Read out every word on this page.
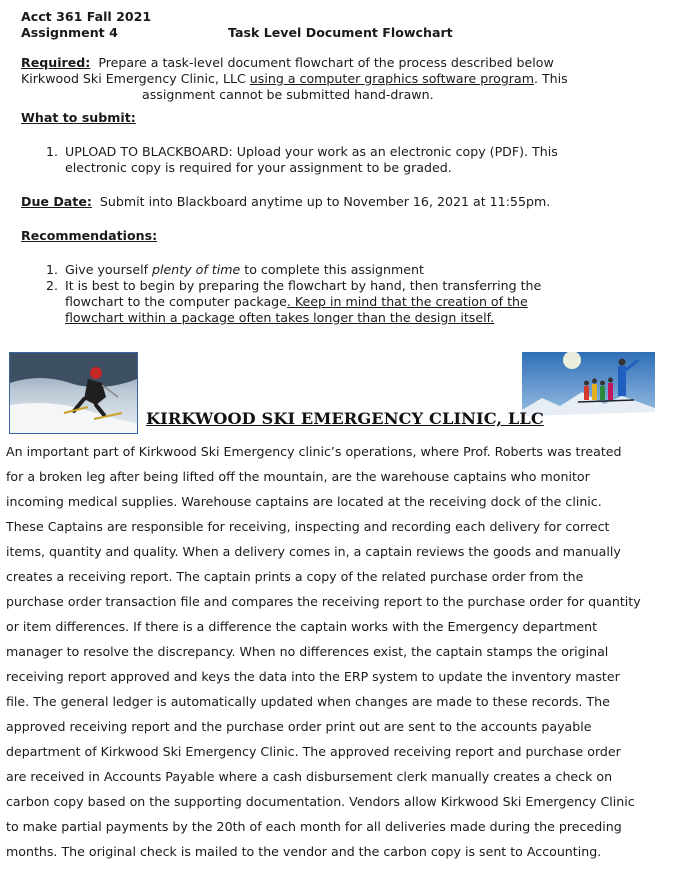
Acct 361 Fall 2021
Assignment 4	Task Level Document Flowchart
Required: Prepare a task-level document flowchart of the process described below
Kirkwood Ski Emergency Clinic, LLC using a computer graphics software program. This
assignment cannot be submitted hand-drawn.
What to submit:
1. UPLOAD TO BLACKBOARD: Upload your work as an electronic copy (PDF). This
electronic copy is required for your assignment to be graded.
Due Date: Submit into Blackboard anytime up to November 16, 2021 at 11:55pm.
Recommendations:
1. Give yourself plenty of time to complete this assignment
2. It is best to begin by preparing the flowchart by hand, then transferring the
flowchart to the computer package. Keep in mind that the creation of the
flowchart within a package often takes longer than the design itself.
KIRKWOOD SKI EMERGENCY CLINIC, LLC
An important part of Kirkwood Ski Emergency clinic’s operations, where Prof. Roberts was treated
for a broken leg after being lifted off the mountain, are the warehouse captains who monitor
incoming medical supplies. Warehouse captains are located at the receiving dock of the clinic.
These Captains are responsible for receiving, inspecting and recording each delivery for correct
items, quantity and quality. When a delivery comes in, a captain reviews the goods and manually
creates a receiving report. The captain prints a copy of the related purchase order from the
purchase order transaction file and compares the receiving report to the purchase order for quantity
or item differences. If there is a difference the captain works with the Emergency department
manager to resolve the discrepancy. When no differences exist, the captain stamps the original
receiving report approved and keys the data into the ERP system to update the inventory master
file. The general ledger is automatically updated when changes are made to these records. The
approved receiving report and the purchase order print out are sent to the accounts payable
department of Kirkwood Ski Emergency Clinic. The approved receiving report and purchase order
are received in Accounts Payable where a cash disbursement clerk manually creates a check on
carbon copy based on the supporting documentation. Vendors allow Kirkwood Ski Emergency Clinic
to make partial payments by the 20th of each month for all deliveries made during the preceding
months. The original check is mailed to the vendor and the carbon copy is sent to Accounting.
